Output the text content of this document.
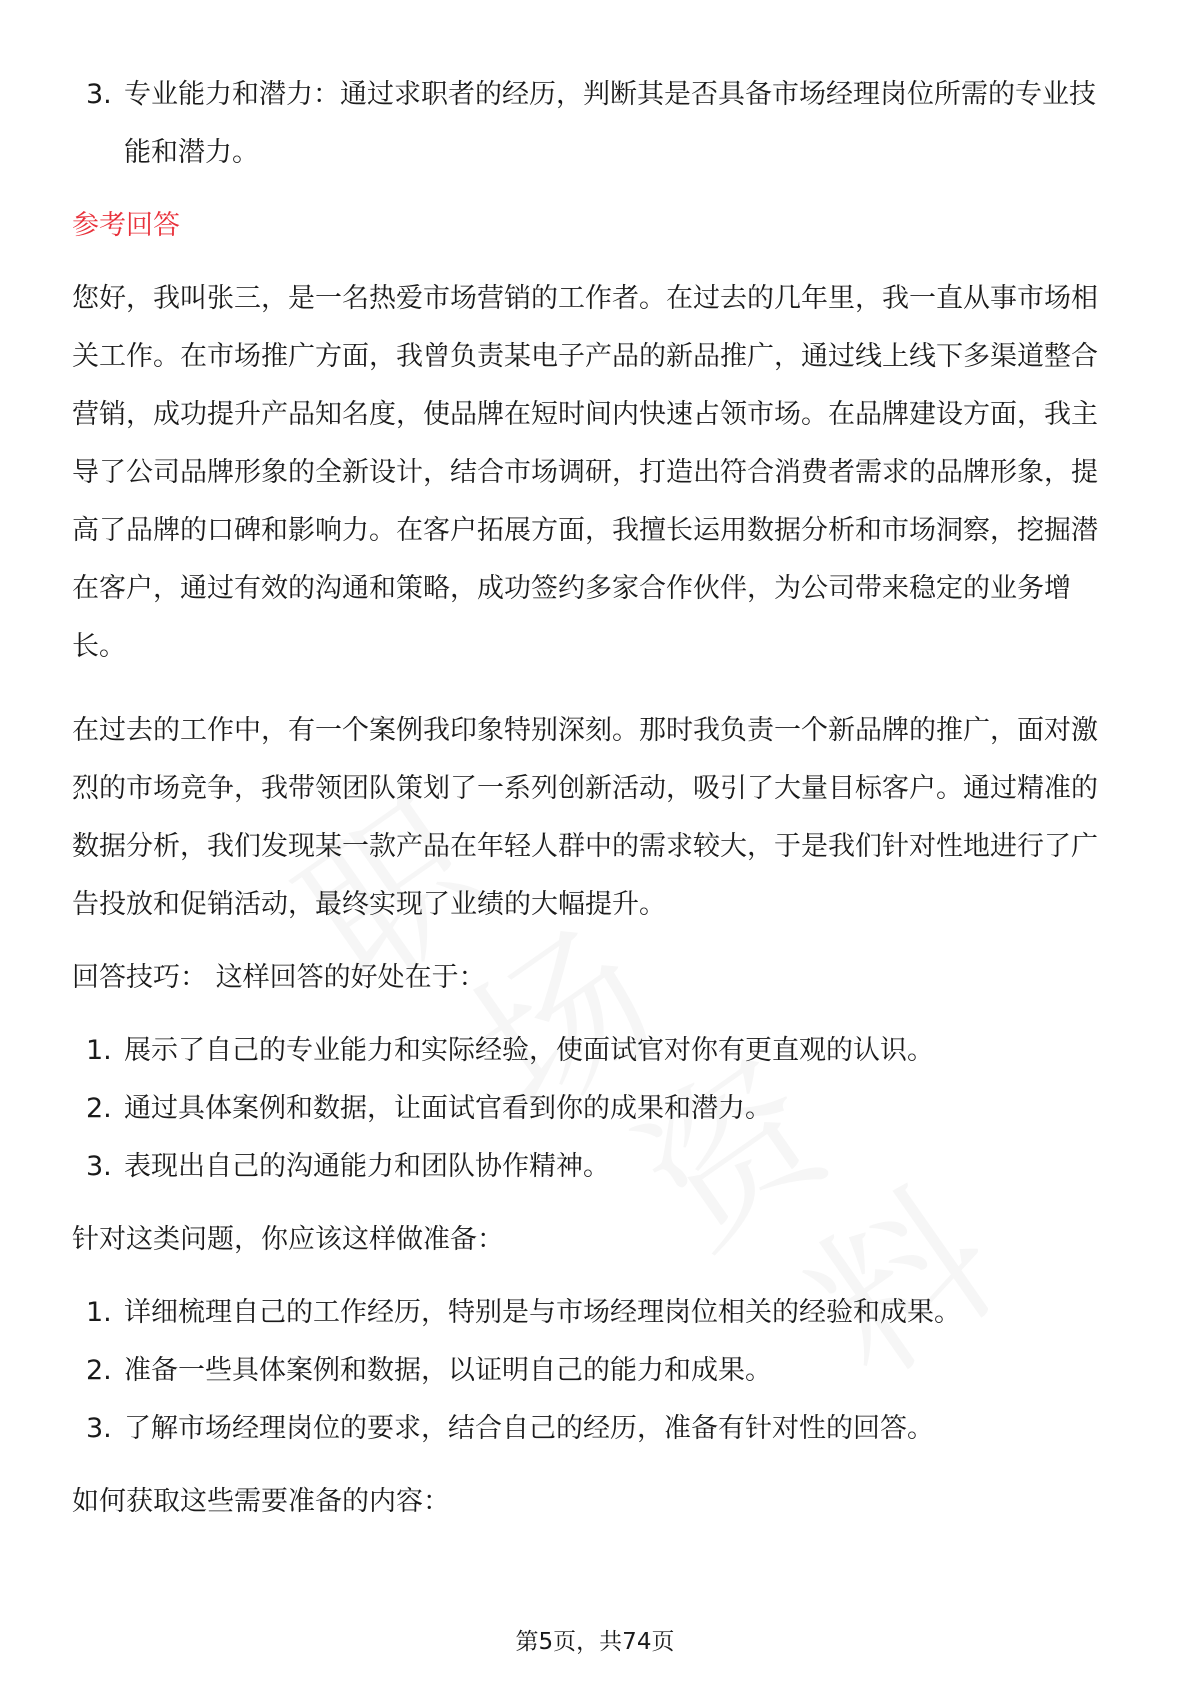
3. 专业能力和潜力：通过求职者的经历，判断其是否具备市场经理岗位所需的专业技能和潜力。
参考回答

您好，我叫张三，是一名热爱市场营销的工作者。在过去的几年里，我一直从事市场相关工作。在市场推广方面，我曾负责某电子产品的新品推广，通过线上线下多渠道整合营销，成功提升产品知名度，使品牌在短时间内快速占领市场。在品牌建设方面，我主导了公司品牌形象的全新设计，结合市场调研，打造出符合消费者需求的品牌形象，提高了品牌的口碑和影响力。在客户拓展方面，我擅长运用数据分析和市场洞察，挖掘潜在客户，通过有效的沟通和策略，成功签约多家合作伙伴，为公司带来稳定的业务增长。

在过去的工作中，有一个案例我印象特别深刻。那时我负责一个新品牌的推广，面对激烈的市场竞争，我带领团队策划了一系列创新活动，吸引了大量目标客户。通过精准的数据分析，我们发现某一款产品在年轻人群中的需求较大，于是我们针对性地进行了广告投放和促销活动，最终实现了业绩的大幅提升。

回答技巧： 这样回答的好处在于：
1. 展示了自己的专业能力和实际经验，使面试官对你有更直观的认识。
2. 通过具体案例和数据，让面试官看到你的成果和潜力。
3. 表现出自己的沟通能力和团队协作精神。
针对这类问题，你应该这样做准备：
1. 详细梳理自己的工作经历，特别是与市场经理岗位相关的经验和成果。
2. 准备一些具体案例和数据，以证明自己的能力和成果。
3. 了解市场经理岗位的要求，结合自己的经历，准备有针对性的回答。
如何获取这些需要准备的内容：
第5页，共74页
